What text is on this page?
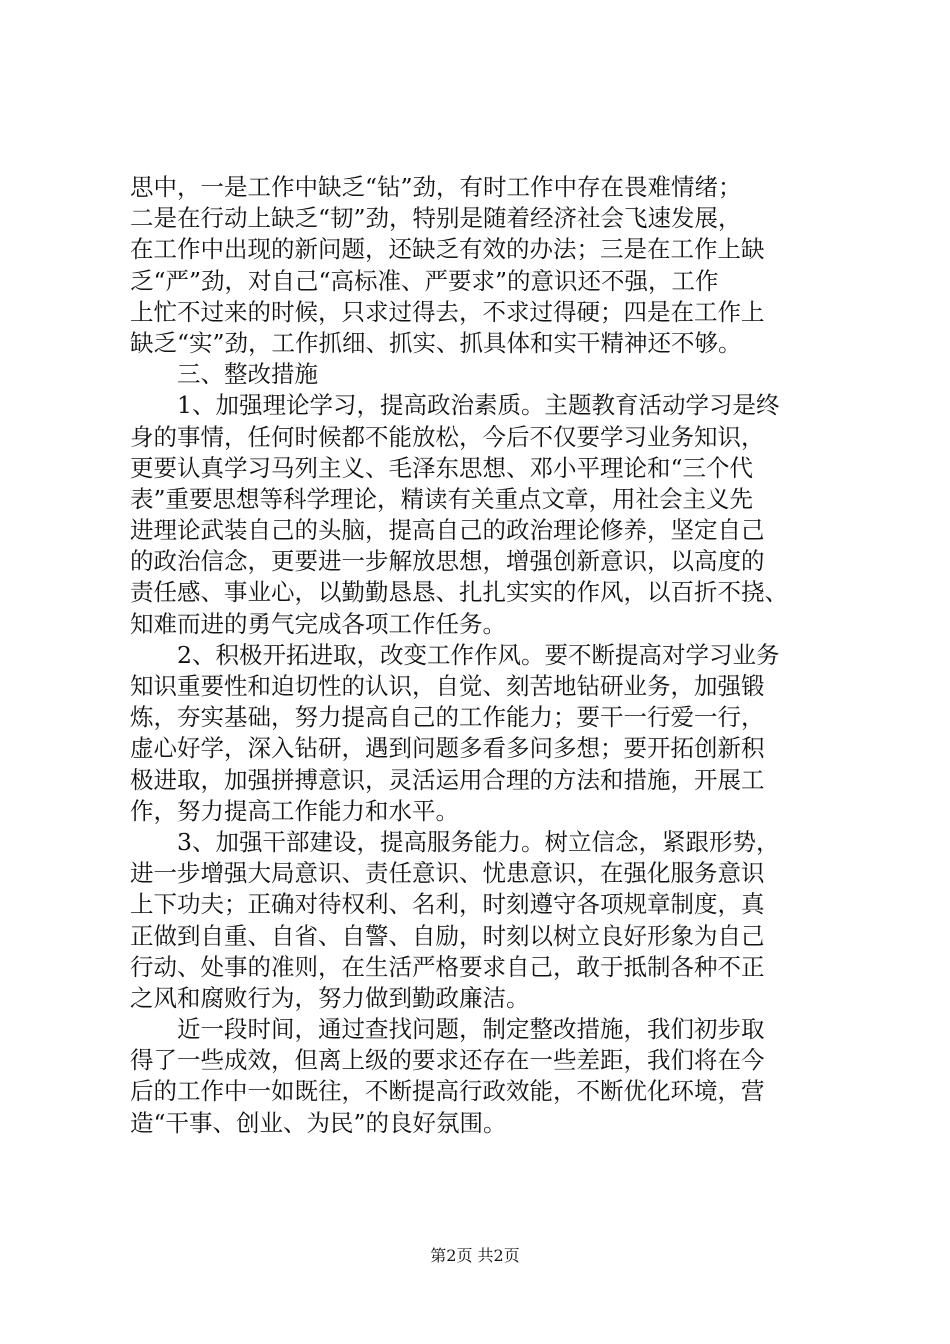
思中，一是工作中缺乏“钻”劲，有时工作中存在畏难情绪；
二是在行动上缺乏“韧”劲，特别是随着经济社会飞速发展，
在工作中出现的新问题，还缺乏有效的办法；三是在工作上缺
乏“严”劲，对自己“高标准、严要求”的意识还不强，工作
上忙不过来的时候，只求过得去，不求过得硬；四是在工作上
缺乏“实”劲，工作抓细、抓实、抓具体和实干精神还不够。
三、整改措施
1、加强理论学习，提高政治素质。主题教育活动学习是终
身的事情，任何时候都不能放松，今后不仅要学习业务知识，
更要认真学习马列主义、毛泽东思想、邓小平理论和“三个代
表”重要思想等科学理论，精读有关重点文章，用社会主义先
进理论武装自己的头脑，提高自己的政治理论修养，坚定自己
的政治信念，更要进一步解放思想，增强创新意识，以高度的
责任感、事业心，以勤勤恳恳、扎扎实实的作风，以百折不挠、
知难而进的勇气完成各项工作任务。
2、积极开拓进取，改变工作作风。要不断提高对学习业务
知识重要性和迫切性的认识，自觉、刻苦地钻研业务，加强锻
炼，夯实基础，努力提高自己的工作能力；要干一行爱一行，
虚心好学，深入钻研，遇到问题多看多问多想；要开拓创新积
极进取，加强拼搏意识，灵活运用合理的方法和措施，开展工
作，努力提高工作能力和水平。
3、加强干部建设，提高服务能力。树立信念，紧跟形势，
进一步增强大局意识、责任意识、忧患意识，在强化服务意识
上下功夫；正确对待权利、名利，时刻遵守各项规章制度，真
正做到自重、自省、自警、自励，时刻以树立良好形象为自己
行动、处事的准则，在生活严格要求自己，敢于抵制各种不正
之风和腐败行为，努力做到勤政廉洁。
近一段时间，通过查找问题，制定整改措施，我们初步取
得了一些成效，但离上级的要求还存在一些差距，我们将在今
后的工作中一如既往，不断提高行政效能，不断优化环境，营
造“干事、创业、为民”的良好氛围。
第2页 共2页
